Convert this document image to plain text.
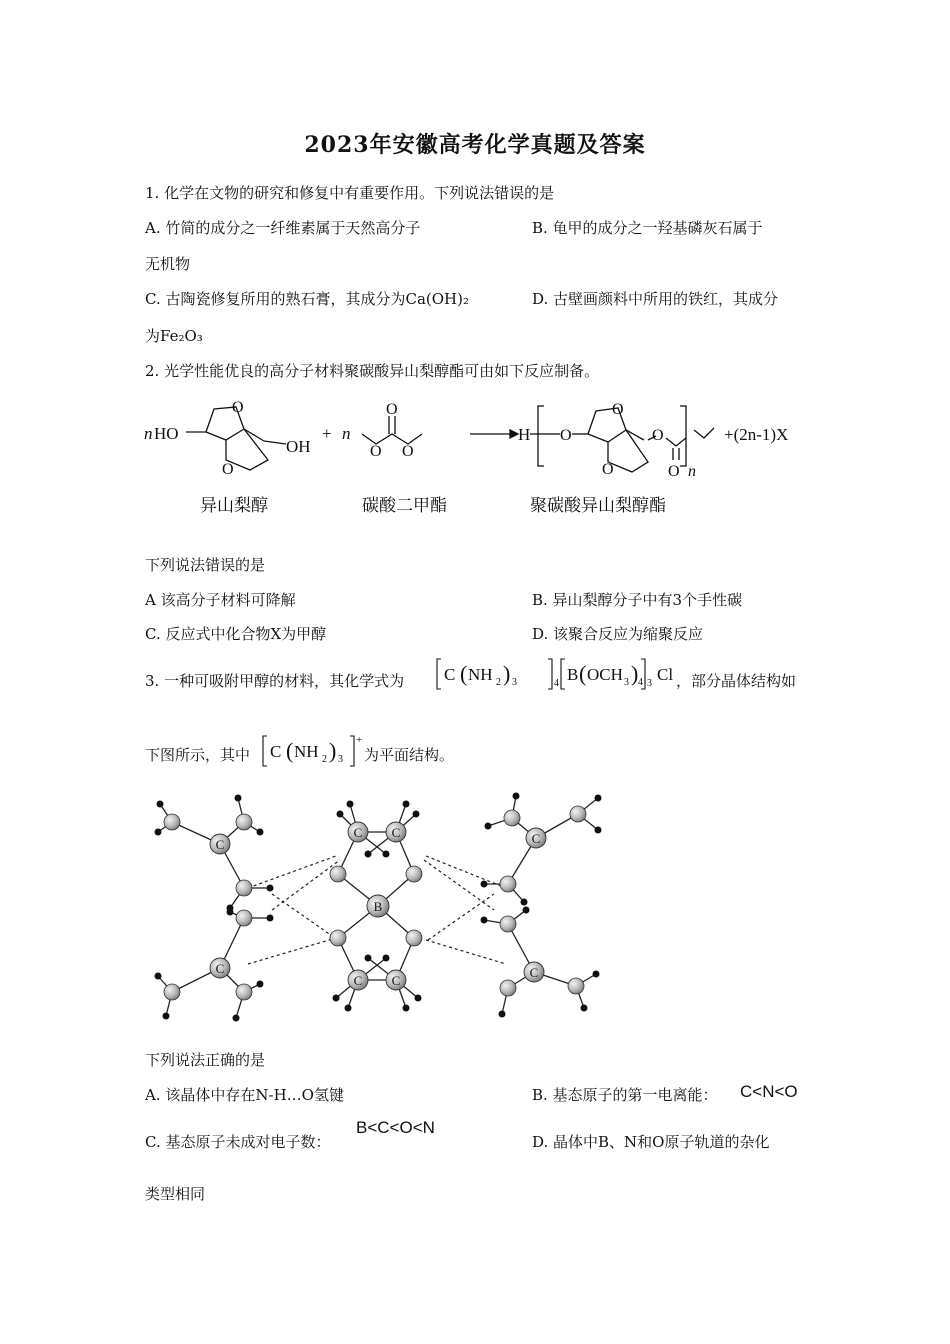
2023年安徽高考化学真题及答案
1. 化学在文物的研究和修复中有重要作用。下列说法错误的是
A. 竹简的成分之一纤维素属于天然高分子	B. 龟甲的成分之一羟基磷灰石属于
无机物
C. 古陶瓷修复所用的熟石膏，其成分为Ca(OH)₂	D. 古壁画颜料中所用的铁红，其成分
为Fe₂O₃
2. 光学性能优良的高分子材料聚碳酸异山梨醇酯可由如下反应制备。
n HO
O
O
OH
+ n
O O
O
H O
O
O
O
O n
+(2n-1)X
异山梨醇	碳酸二甲酯	聚碳酸异山梨醇酯
下列说法错误的是
A 该高分子材料可降解	B. 异山梨醇分子中有3个手性碳
C. 反应式中化合物X为甲醇	D. 该聚合反应为缩聚反应
3. 一种可吸附甲醇的材料，其化学式为 C ( NH 2 ) 3	4 B ( OCH 3 ) 4 3 Cl ，部分晶体结构如
下图所示，其中 C ( NH 2 ) 3
+
为平面结构。
C
C
C C
C C
C
C
B
下列说法正确的是
A. 该晶体中存在N-H…O氢键	B. 基态原子的第一电离能： C<N<O
C. 基态原子未成对电子数：
B<C<O<N
D. 晶体中B、N和O原子轨道的杂化
类型相同
